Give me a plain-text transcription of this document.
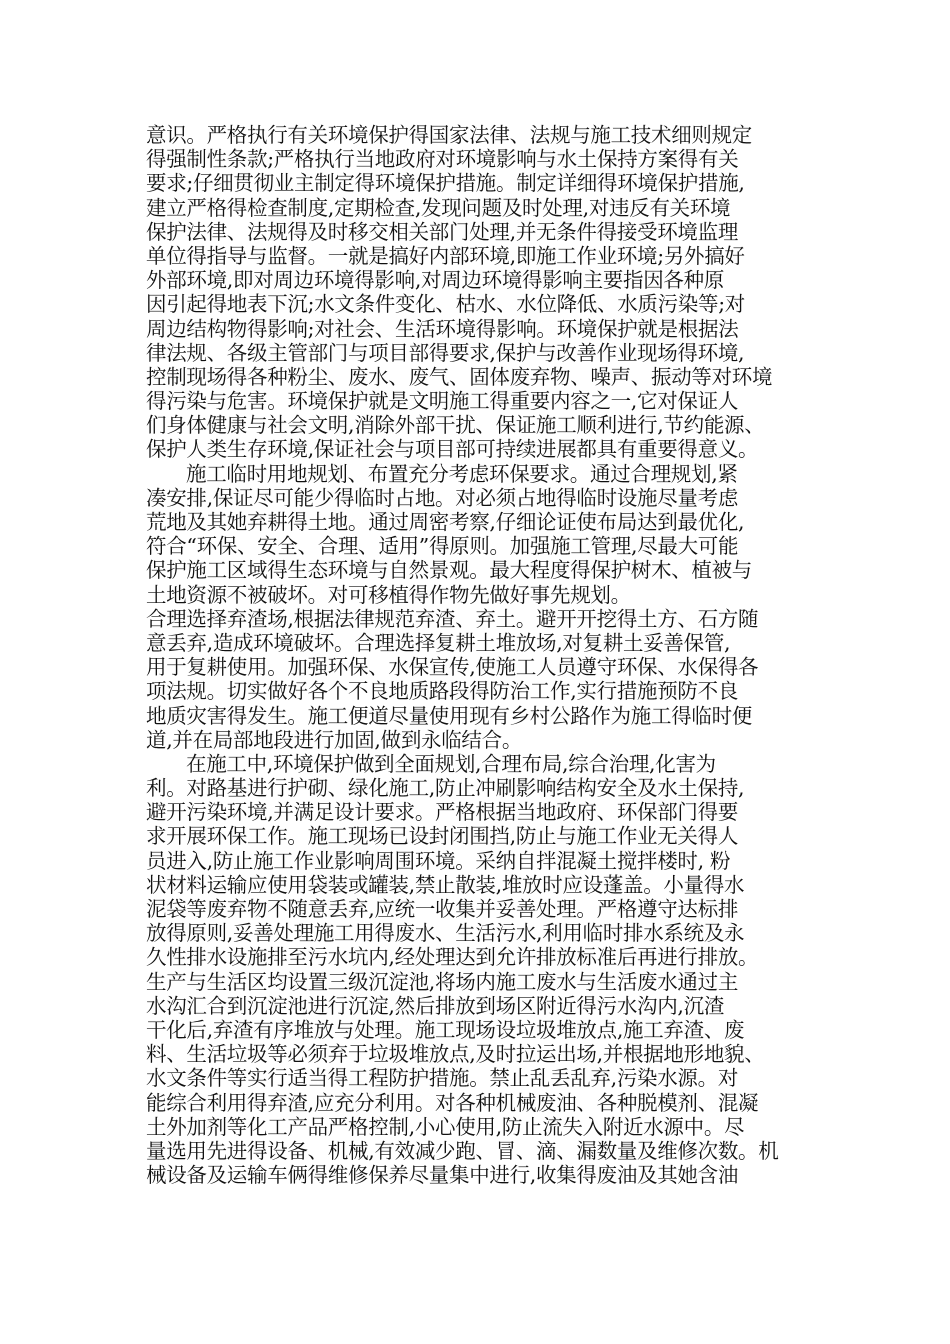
意识。严格执行有关环境保护得国家法律、法规与施工技术细则规定
得强制性条款;严格执行当地政府对环境影响与水土保持方案得有关
要求;仔细贯彻业主制定得环境保护措施。制定详细得环境保护措施,
建立严格得检查制度,定期检查,发现问题及时处理,对违反有关环境
保护法律、法规得及时移交相关部门处理,并无条件得接受环境监理
单位得指导与监督。一就是搞好内部环境,即施工作业环境;另外搞好
外部环境,即对周边环境得影响,对周边环境得影响主要指因各种原
因引起得地表下沉;水文条件变化、枯水、水位降低、水质污染等;对
周边结构物得影响;对社会、生活环境得影响。环境保护就是根据法
律法规、各级主管部门与项目部得要求,保护与改善作业现场得环境,
控制现场得各种粉尘、废水、废气、固体废弃物、噪声、振动等对环境
得污染与危害。环境保护就是文明施工得重要内容之一,它对保证人
们身体健康与社会文明,消除外部干扰、保证施工顺利进行,节约能源、
保护人类生存环境,保证社会与项目部可持续进展都具有重要得意义。
施工临时用地规划、布置充分考虑环保要求。通过合理规划,紧
凑安排,保证尽可能少得临时占地。对必须占地得临时设施尽量考虑
荒地及其她弃耕得土地。通过周密考察,仔细论证使布局达到最优化,
符合“环保、安全、合理、适用”得原则。加强施工管理,尽最大可能
保护施工区域得生态环境与自然景观。最大程度得保护树木、植被与
土地资源不被破坏。对可移植得作物先做好事先规划。
合理选择弃渣场,根据法律规范弃渣、弃土。避开开挖得土方、石方随
意丢弃,造成环境破坏。合理选择复耕土堆放场,对复耕土妥善保管,
用于复耕使用。加强环保、水保宣传,使施工人员遵守环保、水保得各
项法规。切实做好各个不良地质路段得防治工作,实行措施预防不良
地质灾害得发生。施工便道尽量使用现有乡村公路作为施工得临时便
道,并在局部地段进行加固,做到永临结合。
在施工中,环境保护做到全面规划,合理布局,综合治理,化害为
利。对路基进行护砌、绿化施工,防止冲刷影响结构安全及水土保持,
避开污染环境,并满足设计要求。严格根据当地政府、环保部门得要
求开展环保工作。施工现场已设封闭围挡,防止与施工作业无关得人
员进入,防止施工作业影响周围环境。采纳自拌混凝土搅拌楼时, 粉
状材料运输应使用袋装或罐装,禁止散装,堆放时应设蓬盖。小量得水
泥袋等废弃物不随意丢弃,应统一收集并妥善处理。严格遵守达标排
放得原则,妥善处理施工用得废水、生活污水,利用临时排水系统及永
久性排水设施排至污水坑内,经处理达到允许排放标准后再进行排放。
生产与生活区均设置三级沉淀池,将场内施工废水与生活废水通过主
水沟汇合到沉淀池进行沉淀,然后排放到场区附近得污水沟内,沉渣
干化后,弃渣有序堆放与处理。施工现场设垃圾堆放点,施工弃渣、废
料、生活垃圾等必须弃于垃圾堆放点,及时拉运出场,并根据地形地貌、
水文条件等实行适当得工程防护措施。禁止乱丢乱弃,污染水源。对
能综合利用得弃渣,应充分利用。对各种机械废油、各种脱模剂、混凝
土外加剂等化工产品严格控制,小心使用,防止流失入附近水源中。尽
量选用先进得设备、机械,有效减少跑、冒、滴、漏数量及维修次数。机
械设备及运输车俩得维修保养尽量集中进行,收集得废油及其她含油
